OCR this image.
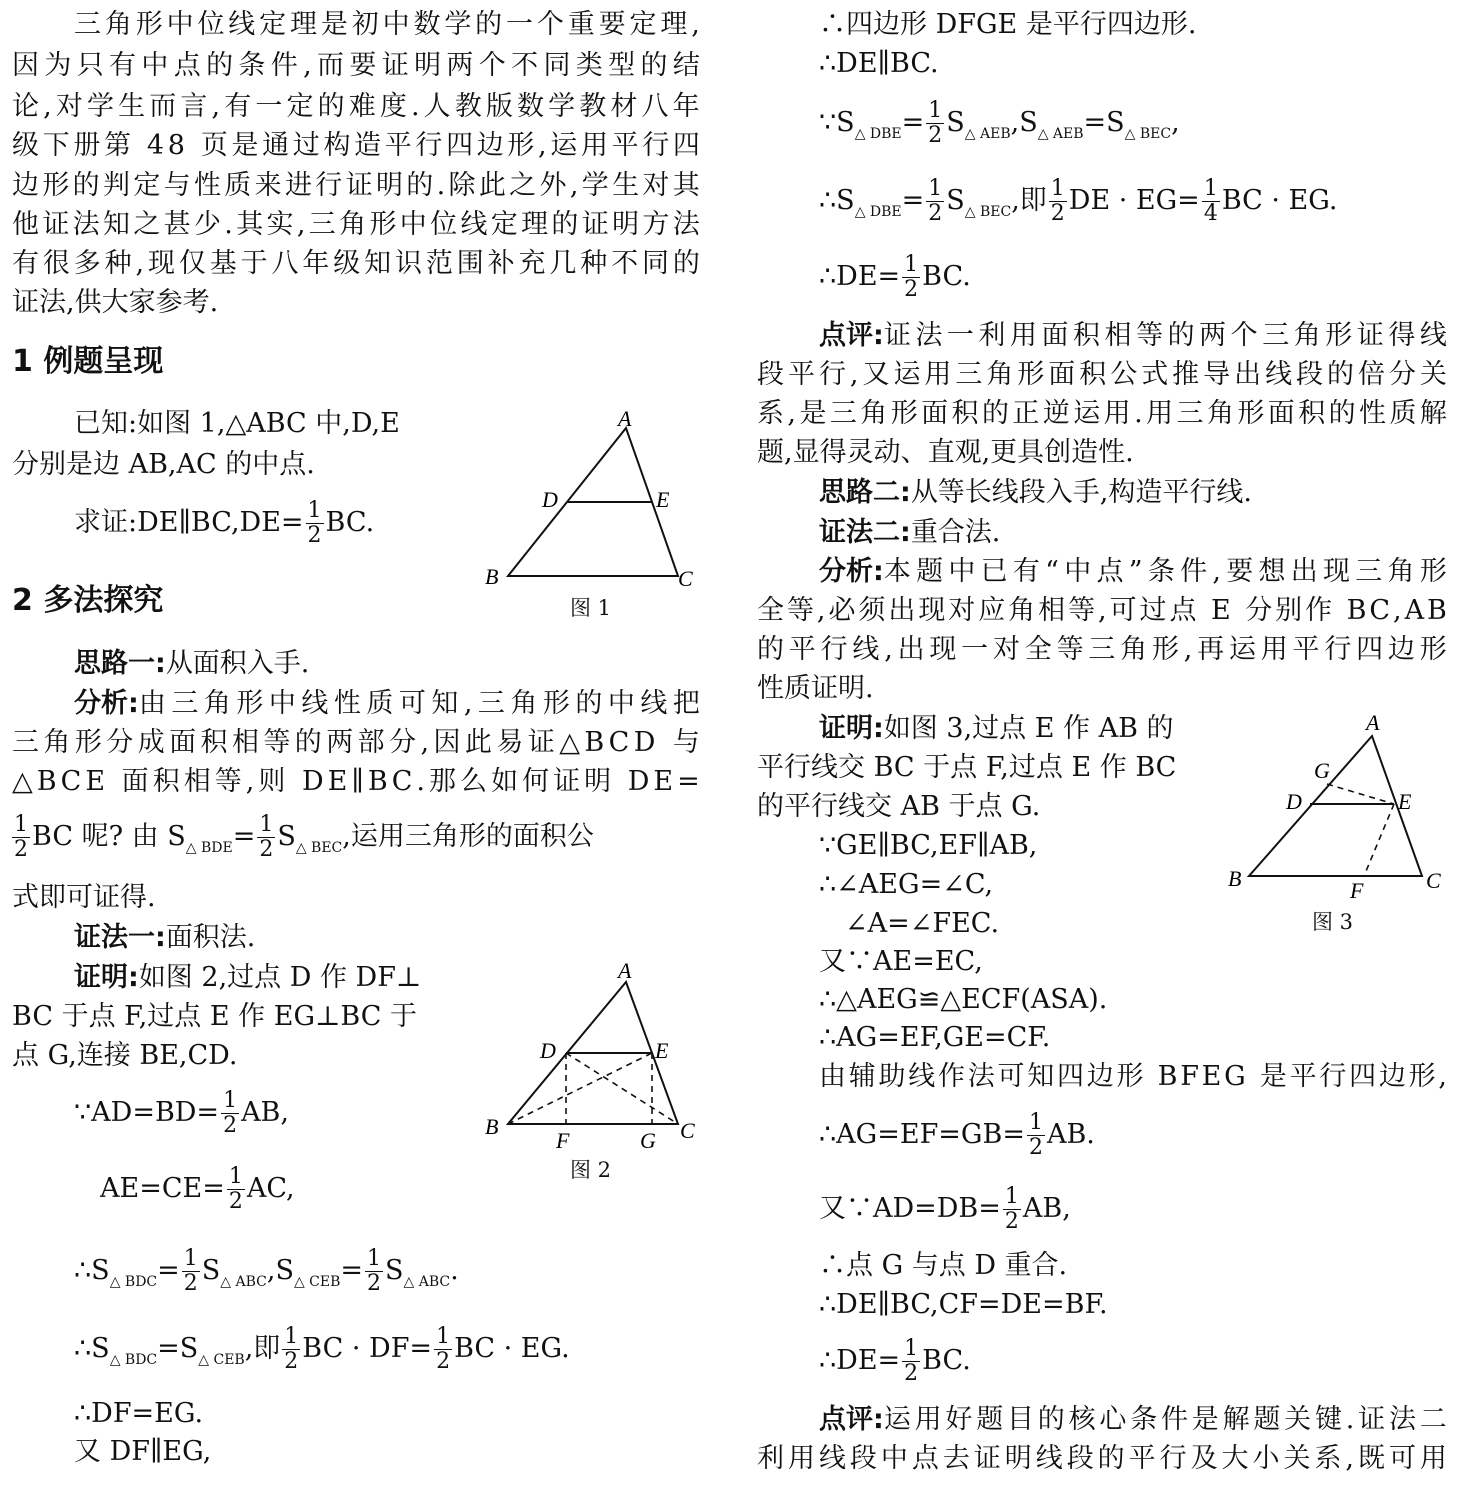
三 角 形 中 位 线 定 理 是 初 中 数 学 的 一 个 重 要 定 理 ,
因 为 只 有 中 点 的 条 件 , 而 要 证 明 两 个 不 同 类 型 的 结
论 , 对 学 生 而 言 , 有 一 定 的 难 度 . 人 教 版 数 学 教 材 八 年
级 下 册 第
4 8
页 是 通 过 构 造 平 行 四 边 形 , 运 用 平 行 四
边 形 的 判 定 与 性 质 来 进 行 证 明 的 . 除 此 之 外 , 学 生 对 其
他 证 法 知 之 甚 少 . 其 实 , 三 角 形 中 位 线 定 理 的 证 明 方 法
有 很 多 种 , 现 仅 基 于 八 年 级 知 识 范 围 补 充 几 种 不 同 的
证法,供大家参考.
1 例题呈现
已知:如图 1,△ABC 中,D,E
分别是边 AB,AC 的中点.
求证:DE∥BC,DE= $\frac{1}{2}$ BC.
2 多法探究
思路一:从面积入手.
分析: 由 三 角 形 中 线 性 质 可 知 , 三 角 形 的 中 线 把
三 角 形 分 成 面 积 相 等 的 两 部 分 , 因 此 易 证 △ B C D
与
△ B C E
面 积 相 等 , 则
D E ∥ B C . 那 么 如 何 证 明
D E =
$\frac{1}{2}$ BC 呢? 由 $S_{\triangle BDE}= \frac{1}{2} S_{\triangle BEC}$,运用三角形的面积公
式即可证得.
证法一:面积法.
证明:如图 2,过点 D 作 DF⊥
BC 于点 F,过点 E 作 EG⊥BC 于
点 G,连接 BE,CD.
∵AD=BD= $\frac{1}{2}$ AB,
$AE=CE= \frac{1}{2}$ AC,
$\therefore S_{\triangle BDC}= \frac{1}{2} S_{\triangle ABC},S_{\triangle CEB}= \frac{1}{2} S_{\triangle ABC}$.
$\therefore S_{\triangle BDC}=S_{\triangle CEB}$,即 $\frac{1}{2}$ BC · $DF= \frac{1}{2}$ BC · EG.
∴DF=EG.
又 DF∥EG,
A
D	E
B	C
图 1
A
D	E
B	C
F	G
图 2
∴四边形 DFGE 是平行四边形.
∴DE∥BC.
$\because S_{\triangle DBE}= \frac{1}{2} S_{\triangle AEB},S_{\triangle AEB}=S_{\triangle BEC}$,
$\therefore S_{\triangle DBE}= \frac{1}{2} S_{\triangle BEC}$,即 $\frac{1}{2}$ DE · $EG= \frac{1}{4}$ BC · EG.
∴DE= $\frac{1}{2}$ BC.
点评: 证 法 一 利 用 面 积 相 等 的 两 个 三 角 形 证 得 线
段 平 行 , 又 运 用 三 角 形 面 积 公 式 推 导 出 线 段 的 倍 分 关
系 , 是 三 角 形 面 积 的 正 逆 运 用 . 用 三 角 形 面 积 的 性 质 解
题,显得灵动、直观,更具创造性.
思路二:从等长线段入手,构造平行线.
证法二:重合法.
分析: 本 题 中 已 有 “ 中 点 ” 条 件 , 要 想 出 现 三 角 形
全 等 , 必 须 出 现 对 应 角 相 等 , 可 过 点
E
分 别 作
B C , A B
的 平 行 线 , 出 现 一 对 全 等 三 角 形 , 再 运 用 平 行 四 边 形
性质证明.
证明:如图 3,过点 E 作 AB 的
平行线交 BC 于点 F,过点 E 作 BC
的平行线交 AB 于点 G.
∵GE∥BC,EF∥AB,
∴∠AEG=∠C,
∠A=∠FEC.
又∵AE=EC,
∴△AEG≌△ECF(ASA).
∴AG=EF,GE=CF.
由 辅 助 线 作 法 可 知 四 边 形
B F E G
是 平 行 四 边 形 ,
∴AG=EF=GB= $\frac{1}{2}$ AB.
又∵AD=DB= $\frac{1}{2}$ AB,
∴点 G 与点 D 重合.
∴DE∥BC,CF=DE=BF.
∴DE= $\frac{1}{2}$ BC.
点评: 运 用 好 题 目 的 核 心 条 件 是 解 题 关 键 . 证 法 二
利 用 线 段 中 点 去 证 明 线 段 的 平 行 及 大 小 关 系 , 既 可 用
A
G
D	E
B	C
F
图 3
